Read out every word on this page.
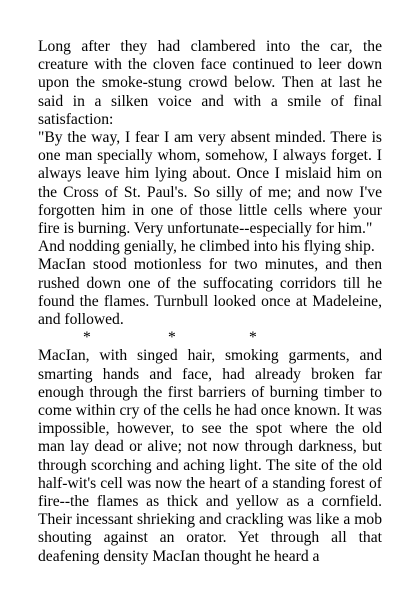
Long after they had clambered into the car, the creature with the cloven face continued to leer down upon the smoke-stung crowd below. Then at last he said in a silken voice and with a smile of final satisfaction:

"By the way, I fear I am very absent minded. There is one man specially whom, somehow, I always forget. I always leave him lying about. Once I mislaid him on the Cross of St. Paul's. So silly of me; and now I've forgotten him in one of those little cells where your fire is burning. Very unfortunate--especially for him."

And nodding genially, he climbed into his flying ship.

MacIan stood motionless for two minutes, and then rushed down one of the suffocating corridors till he found the flames. Turnbull looked once at Madeleine, and followed.

*	*	*

MacIan, with singed hair, smoking garments, and smarting hands and face, had already broken far enough through the first barriers of burning timber to come within cry of the cells he had once known. It was impossible, however, to see the spot where the old man lay dead or alive; not now through darkness, but through scorching and aching light. The site of the old half-wit's cell was now the heart of a standing forest of fire--the flames as thick and yellow as a cornfield. Their incessant shrieking and crackling was like a mob shouting against an orator. Yet through all that deafening density MacIan thought he heard a
